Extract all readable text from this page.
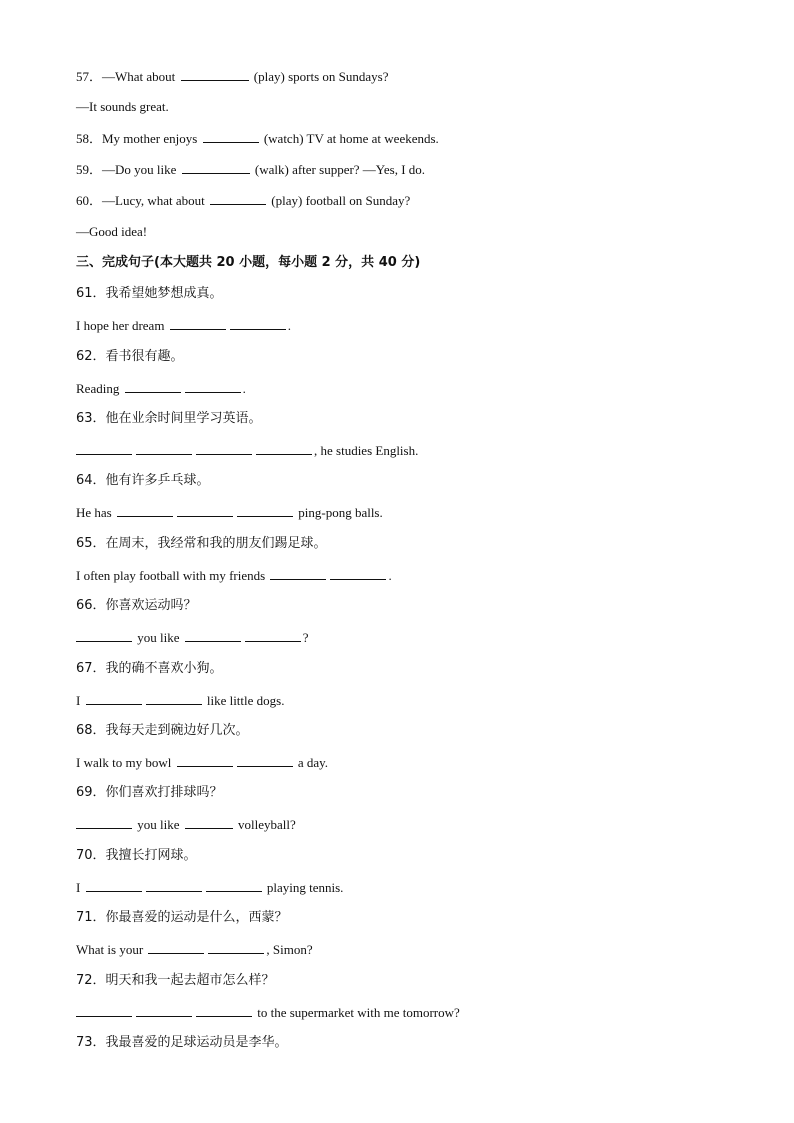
57．—What about	(play) sports on Sundays?
—It sounds great.
58．My mother enjoys	(watch) TV at home at weekends.
59．—Do you like	(walk) after supper? —Yes, I do.
60．—Lucy, what about	(play) football on Sunday?
—Good idea!
三、完成句子(本大题共 20 小题，每小题 2 分，共 40 分)
61．我希望她梦想成真。
I hope her dream	.
62．看书很有趣。
Reading	.
63．他在业余时间里学习英语。
, he studies English.
64．他有许多乒乓球。
He has	ping-pong balls.
65．在周末，我经常和我的朋友们踢足球。
I often play football with my friends	.
66．你喜欢运动吗？
you like	?
67．我的确不喜欢小狗。
I	like little dogs.
68．我每天走到碗边好几次。
I walk to my bowl	a day.
69．你们喜欢打排球吗？
you like	volleyball?
70．我擅长打网球。
I	playing tennis.
71．你最喜爱的运动是什么，西蒙？
What is your	, Simon?
72．明天和我一起去超市怎么样？
to the supermarket with me tomorrow?
73．我最喜爱的足球运动员是李华。
